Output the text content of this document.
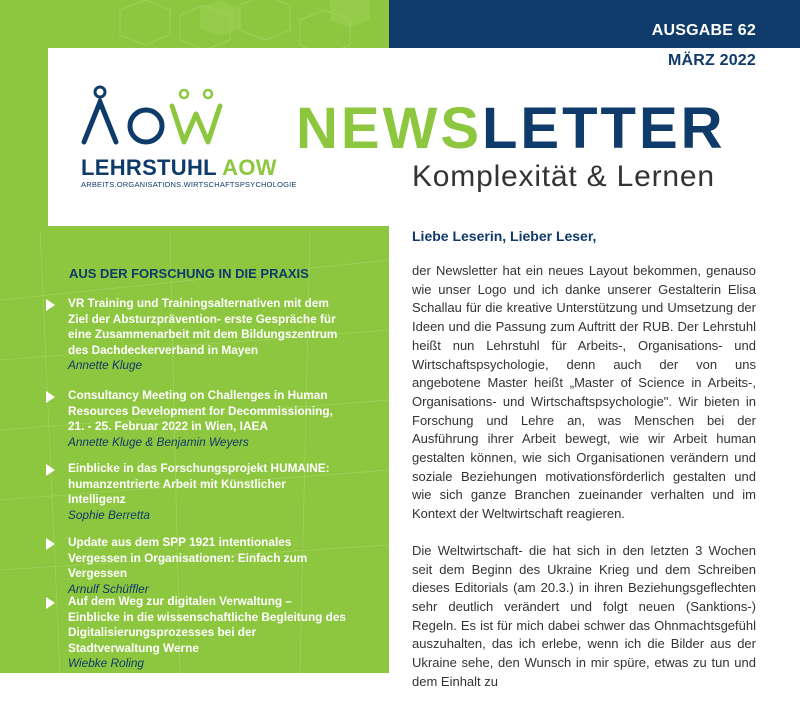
AUSGABE 62
MÄRZ 2022
LEHRSTUHL AOW
ARBEITS.ORGANISATIONS.WIRTSCHAFTSPSYCHOLOGIE
NEWSLETTER
Komplexität & Lernen
AUS DER FORSCHUNG IN DIE PRAXIS
VR Training und Trainingsalternativen mit dem Ziel der Absturzprävention- erste Gespräche für eine Zusammenarbeit mit dem Bildungszentrum des Dachdeckerverband in Mayen
Annette Kluge
Consultancy Meeting on Challenges in Human Resources Development for Decommissioning, 21. - 25. Februar 2022 in Wien, IAEA
Annette Kluge & Benjamin Weyers
Einblicke in das Forschungsprojekt HUMAINE: humanzentrierte Arbeit mit Künstlicher Intelligenz
Sophie Berretta
Update aus dem SPP 1921 intentionales Vergessen in Organisationen: Einfach zum Vergessen
Arnulf Schüffler
Auf dem Weg zur digitalen Verwaltung – Einblicke in die wissenschaftliche Begleitung des Digitalisierungsprozesses bei der Stadtverwaltung Werne
Wiebke Roling
Liebe Leserin, Lieber Leser,

der Newsletter hat ein neues Layout bekommen, genauso wie unser Logo und ich danke unserer Gestalterin Elisa Schallau für die kreative Unterstützung und Umsetzung der Ideen und die Passung zum Auftritt der RUB. Der Lehrstuhl heißt nun Lehrstuhl für Arbeits-, Organisations- und Wirtschaftspsychologie, denn auch der von uns angebotene Master heißt „Master of Science in Arbeits-, Organisations- und Wirtschaftspsychologie". Wir bieten in Forschung und Lehre an, was Menschen bei der Ausführung ihrer Arbeit bewegt, wie wir Arbeit human gestalten können, wie sich Organisationen verändern und soziale Beziehungen motivationsförderlich gestalten und wie sich ganze Branchen zueinander verhalten und im Kontext der Weltwirtschaft reagieren.

Die Weltwirtschaft- die hat sich in den letzten 3 Wochen seit dem Beginn des Ukraine Krieg und dem Schreiben dieses Editorials (am 20.3.) in ihren Beziehungsgeflechten sehr deutlich verändert und folgt neuen (Sanktions-) Regeln. Es ist für mich dabei schwer das Ohnmachtsgefühl auszuhalten, das ich erlebe, wenn ich die Bilder aus der Ukraine sehe, den Wunsch in mir spüre, etwas zu tun und dem Einhalt zu
